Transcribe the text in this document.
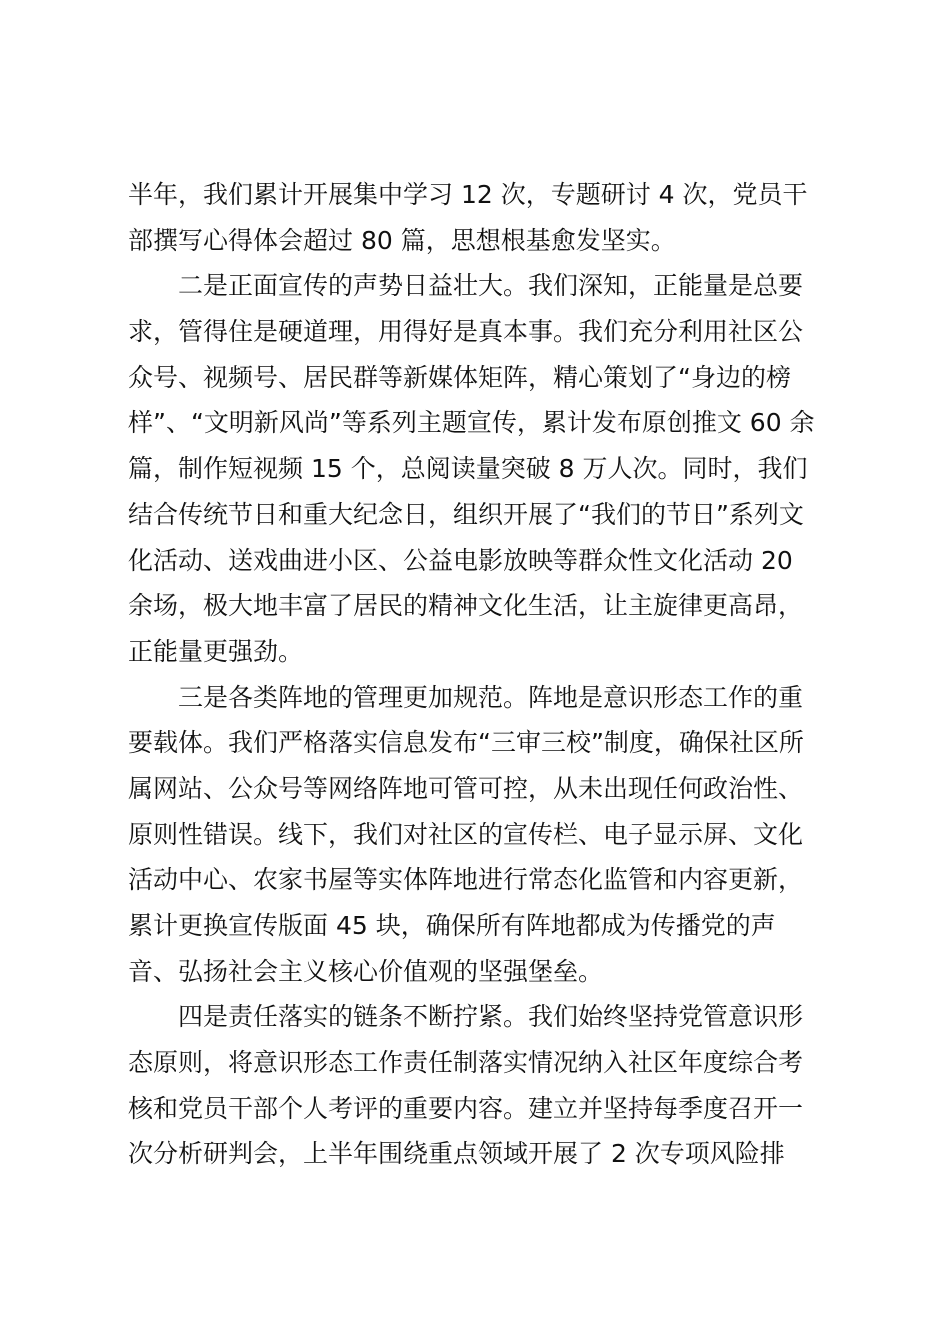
半年，我们累计开展集中学习 12 次，专题研讨 4 次，党员干
部撰写心得体会超过 80 篇，思想根基愈发坚实。
二是正面宣传的声势日益壮大。我们深知，正能量是总要
求，管得住是硬道理，用得好是真本事。我们充分利用社区公
众号、视频号、居民群等新媒体矩阵，精心策划了“身边的榜
样”、“文明新风尚”等系列主题宣传，累计发布原创推文 60 余
篇，制作短视频 15 个，总阅读量突破 8 万人次。同时，我们
结合传统节日和重大纪念日，组织开展了“我们的节日”系列文
化活动、送戏曲进小区、公益电影放映等群众性文化活动 20
余场，极大地丰富了居民的精神文化生活，让主旋律更高昂，
正能量更强劲。
三是各类阵地的管理更加规范。阵地是意识形态工作的重
要载体。我们严格落实信息发布“三审三校”制度，确保社区所
属网站、公众号等网络阵地可管可控，从未出现任何政治性、
原则性错误。线下，我们对社区的宣传栏、电子显示屏、文化
活动中心、农家书屋等实体阵地进行常态化监管和内容更新，
累计更换宣传版面 45 块，确保所有阵地都成为传播党的声
音、弘扬社会主义核心价值观的坚强堡垒。
四是责任落实的链条不断拧紧。我们始终坚持党管意识形
态原则，将意识形态工作责任制落实情况纳入社区年度综合考
核和党员干部个人考评的重要内容。建立并坚持每季度召开一
次分析研判会，上半年围绕重点领域开展了 2 次专项风险排
